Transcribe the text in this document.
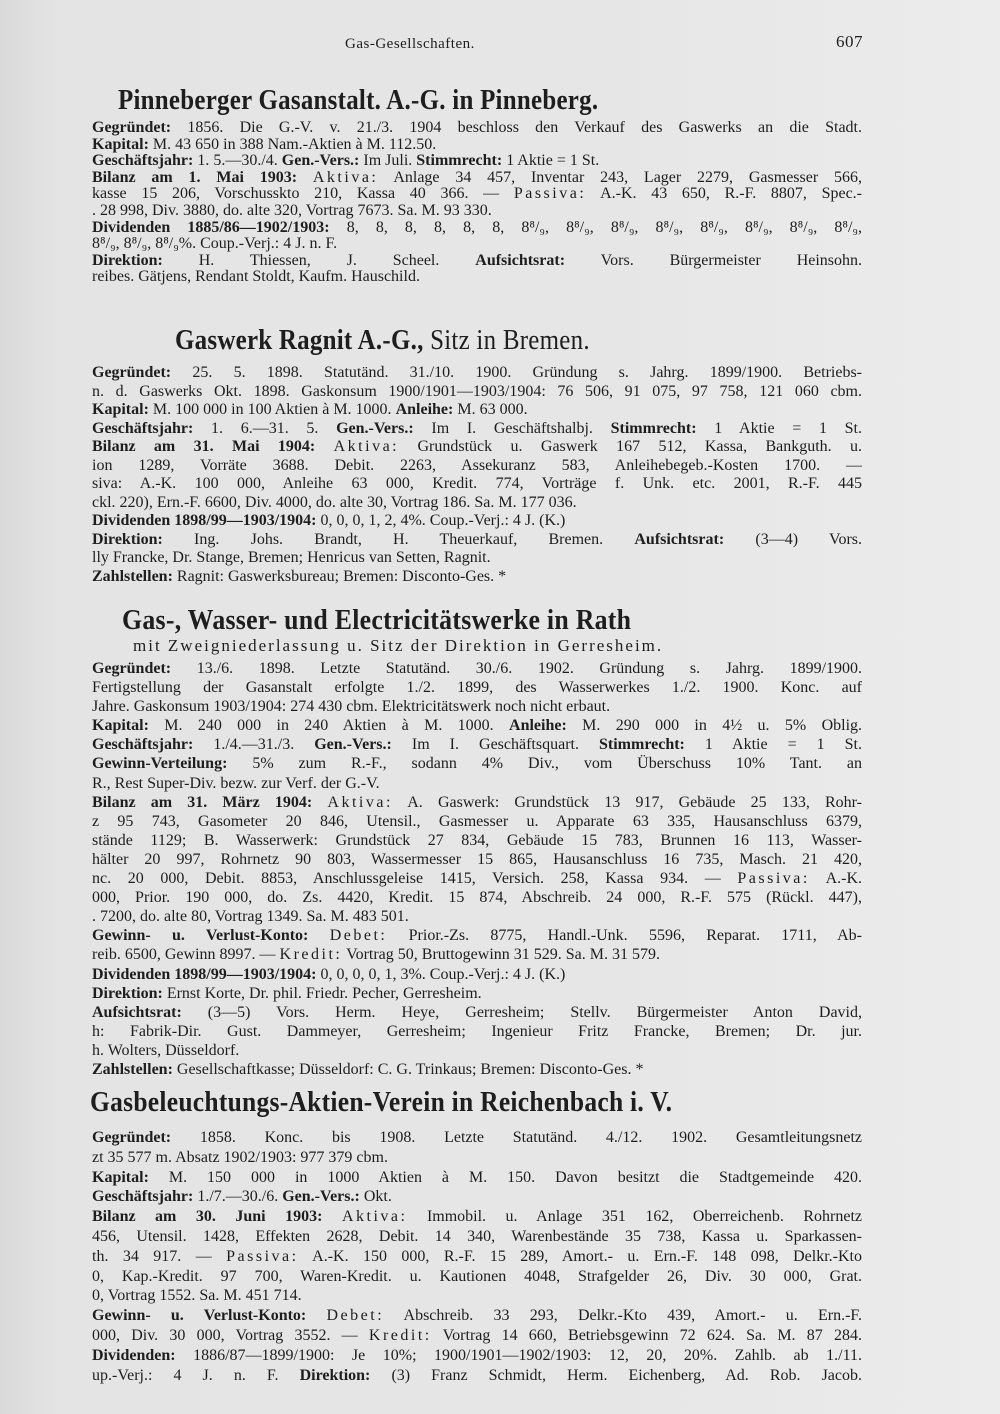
Gas-Gesellschaften.	607
Pinneberger Gasanstalt. A.-G. in Pinneberg.
Gegründet: 1856. Die G.-V. v. 21./3. 1904 beschloss den Verkauf des Gaswerks an die Stadt.
Kapital: M. 43 650 in 388 Nam.-Aktien à M. 112.50.
Geschäftsjahr: 1. 5.—30./4. Gen.-Vers.: Im Juli. Stimmrecht: 1 Aktie = 1 St.
Bilanz am 1. Mai 1903: Aktiva: Anlage 34 457, Inventar 243, Lager 2279, Gasmesser 566,
kasse 15 206, Vorschusskto 210, Kassa 40 366. — Passiva: A.-K. 43 650, R.-F. 8807, Spec.-
. 28 998, Div. 3880, do. alte 320, Vortrag 7673. Sa. M. 93 330.
Dividenden 1885/86—1902/1903: 8, 8, 8, 8, 8, 8, 8⁸/₉, 8⁸/₉, 8⁸/₉, 8⁸/₉, 8⁸/₉, 8⁸/₉, 8⁸/₉, 8⁸/₉,
8⁸/₉, 8⁸/₉, 8⁸/₉%. Coup.-Verj.: 4 J. n. F.
Direktion: H. Thiessen, J. Scheel. Aufsichtsrat: Vors. Bürgermeister Heinsohn.
reibes. Gätjens, Rendant Stoldt, Kaufm. Hauschild.
Gaswerk Ragnit A.-G., Sitz in Bremen.
Gegründet: 25. 5. 1898. Statutänd. 31./10. 1900. Gründung s. Jahrg. 1899/1900. Betriebs-
n. d. Gaswerks Okt. 1898. Gaskonsum 1900/1901—1903/1904: 76 506, 91 075, 97 758, 121 060 cbm.
Kapital: M. 100 000 in 100 Aktien à M. 1000. Anleihe: M. 63 000.
Geschäftsjahr: 1. 6.—31. 5. Gen.-Vers.: Im I. Geschäftshalbj. Stimmrecht: 1 Aktie = 1 St.
Bilanz am 31. Mai 1904: Aktiva: Grundstück u. Gaswerk 167 512, Kassa, Bankguth. u.
ion 1289, Vorräte 3688. Debit. 2263, Assekuranz 583, Anleihebegeb.-Kosten 1700. —
siva: A.-K. 100 000, Anleihe 63 000, Kredit. 774, Vorträge f. Unk. etc. 2001, R.-F. 445
ckl. 220), Ern.-F. 6600, Div. 4000, do. alte 30, Vortrag 186. Sa. M. 177 036.
Dividenden 1898/99—1903/1904: 0, 0, 0, 1, 2, 4%. Coup.-Verj.: 4 J. (K.)
Direktion: Ing. Johs. Brandt, H. Theuerkauf, Bremen. Aufsichtsrat: (3—4) Vors.
lly Francke, Dr. Stange, Bremen; Henricus van Setten, Ragnit.
Zahlstellen: Ragnit: Gaswerksbureau; Bremen: Disconto-Ges. *
Gas-, Wasser- und Electricitätswerke in Rath
mit Zweigniederlassung u. Sitz der Direktion in Gerresheim.
Gegründet: 13./6. 1898. Letzte Statutänd. 30./6. 1902. Gründung s. Jahrg. 1899/1900.
Fertigstellung der Gasanstalt erfolgte 1./2. 1899, des Wasserwerkes 1./2. 1900. Konc. auf
Jahre. Gaskonsum 1903/1904: 274 430 cbm. Elektricitätswerk noch nicht erbaut.
Kapital: M. 240 000 in 240 Aktien à M. 1000. Anleihe: M. 290 000 in 4½ u. 5% Oblig.
Geschäftsjahr: 1./4.—31./3. Gen.-Vers.: Im I. Geschäftsquart. Stimmrecht: 1 Aktie = 1 St.
Gewinn-Verteilung: 5% zum R.-F., sodann 4% Div., vom Überschuss 10% Tant. an
R., Rest Super-Div. bezw. zur Verf. der G.-V.
Bilanz am 31. März 1904: Aktiva: A. Gaswerk: Grundstück 13 917, Gebäude 25 133, Rohr-
z 95 743, Gasometer 20 846, Utensil., Gasmesser u. Apparate 63 335, Hausanschluss 6379,
stände 1129; B. Wasserwerk: Grundstück 27 834, Gebäude 15 783, Brunnen 16 113, Wasser-
hälter 20 997, Rohrnetz 90 803, Wassermesser 15 865, Hausanschluss 16 735, Masch. 21 420,
nc. 20 000, Debit. 8853, Anschlussgeleise 1415, Versich. 258, Kassa 934. — Passiva: A.-K.
000, Prior. 190 000, do. Zs. 4420, Kredit. 15 874, Abschreib. 24 000, R.-F. 575 (Rückl. 447),
. 7200, do. alte 80, Vortrag 1349. Sa. M. 483 501.
Gewinn- u. Verlust-Konto: Debet: Prior.-Zs. 8775, Handl.-Unk. 5596, Reparat. 1711, Ab-
reib. 6500, Gewinn 8997. — Kredit: Vortrag 50, Bruttogewinn 31 529. Sa. M. 31 579.
Dividenden 1898/99—1903/1904: 0, 0, 0, 0, 1, 3%. Coup.-Verj.: 4 J. (K.)
Direktion: Ernst Korte, Dr. phil. Friedr. Pecher, Gerresheim.
Aufsichtsrat: (3—5) Vors. Herm. Heye, Gerresheim; Stellv. Bürgermeister Anton David,
h: Fabrik-Dir. Gust. Dammeyer, Gerresheim; Ingenieur Fritz Francke, Bremen; Dr. jur.
h. Wolters, Düsseldorf.
Zahlstellen: Gesellschaftkasse; Düsseldorf: C. G. Trinkaus; Bremen: Disconto-Ges. *
Gasbeleuchtungs-Aktien-Verein in Reichenbach i. V.
Gegründet: 1858. Konc. bis 1908. Letzte Statutänd. 4./12. 1902. Gesamtleitungsnetz
zt 35 577 m. Absatz 1902/1903: 977 379 cbm.
Kapital: M. 150 000 in 1000 Aktien à M. 150. Davon besitzt die Stadtgemeinde 420.
Geschäftsjahr: 1./7.—30./6. Gen.-Vers.: Okt.
Bilanz am 30. Juni 1903: Aktiva: Immobil. u. Anlage 351 162, Oberreichenb. Rohrnetz
456, Utensil. 1428, Effekten 2628, Debit. 14 340, Warenbestände 35 738, Kassa u. Sparkassen-
th. 34 917. — Passiva: A.-K. 150 000, R.-F. 15 289, Amort.- u. Ern.-F. 148 098, Delkr.-Kto
0, Kap.-Kredit. 97 700, Waren-Kredit. u. Kautionen 4048, Strafgelder 26, Div. 30 000, Grat.
0, Vortrag 1552. Sa. M. 451 714.
Gewinn- u. Verlust-Konto: Debet: Abschreib. 33 293, Delkr.-Kto 439, Amort.- u. Ern.-F.
000, Div. 30 000, Vortrag 3552. — Kredit: Vortrag 14 660, Betriebsgewinn 72 624. Sa. M. 87 284.
Dividenden: 1886/87—1899/1900: Je 10%; 1900/1901—1902/1903: 12, 20, 20%. Zahlb. ab 1./11.
up.-Verj.: 4 J. n. F. Direktion: (3) Franz Schmidt, Herm. Eichenberg, Ad. Rob. Jacob.
